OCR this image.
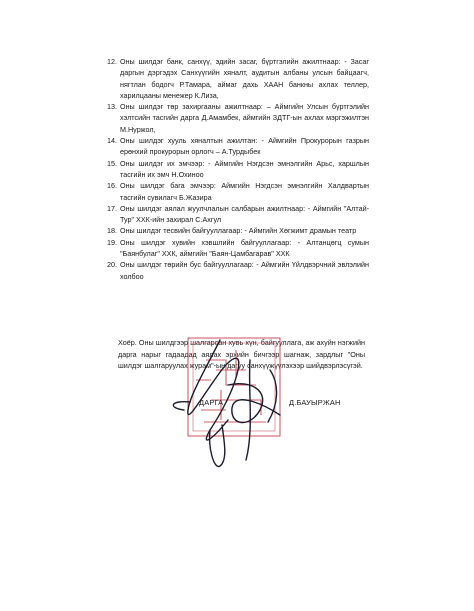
12. Оны шилдэг банк, санхүү, эдийн засаг, бүртгэлийн ажилтнаар: - Засаг даргын дэргэдэх Санхүүгийн хяналт, аудитын албаны улсын байцаагч, нягтлан бодогч Р.Тамара, аймаг дахь ХААН банкны ахлах теллер, харилцааны менежер К.Лиза,
13. Оны шилдэг төр захиргааны ажилтнаар: – Аймгийн Улсын бүртгэлийн хэлтсийн тасгийн дарга Д.Амамбек, аймгийн ЗДТГ-ын ахлах мэргэжилтэн М.Нуржол,
14. Оны шилдэг хууль хяналтын ажилтан: - Аймгийн Прокурорын газрын ерөнхий прокурорын орлогч – А.Турдыбек
15. Оны шилдэг их эмчээр: - Аймгийн Нэгдсэн эмнэлгийн Арьс, харшлын тасгийн их эмч Н.Охиноо
16. Оны шилдэг бага эмчээр: Аймгийн Нэгдсэн эмнэлгийн Халдвартын тасгийн сувилагч Б.Жазира
17. Оны шилдэг аялал жуулчлалын салбарын ажилтнаар: - Аймгийн "Алтай-Тур" ХХК-ийн захирал С.Ахгул
18. Оны шилдэг тeсвийн байгууллагаар: - Аймгийн Хөгжимт драмын театр
19. Оны шилдэг хувийн хэвшлийн байгууллагаар: - Алтанцөгц сумын "Баянбулаг" ХХК, аймгийн "Баян-Цамбагарав" ХХК
20. Оны шилдэг төрийн бус байгууллагаар: - Аймгийн Үйлдвэрчний эвлэлийн холбоо

Хоёр. Оны шилдгээр шалгарсан хувь хүн, байгууллага, аж ахуйн нэгжийн дарга нарыг гадаадад аялах эрхийн бичгээр шагнаж, зардлыг "Оны шилдэг шалгаруулах журам"-ын дагуу санхүүжүүлэхээр шийдвэрлэсүгэй.

ДАРГА	Д.БАУЫРЖАН
